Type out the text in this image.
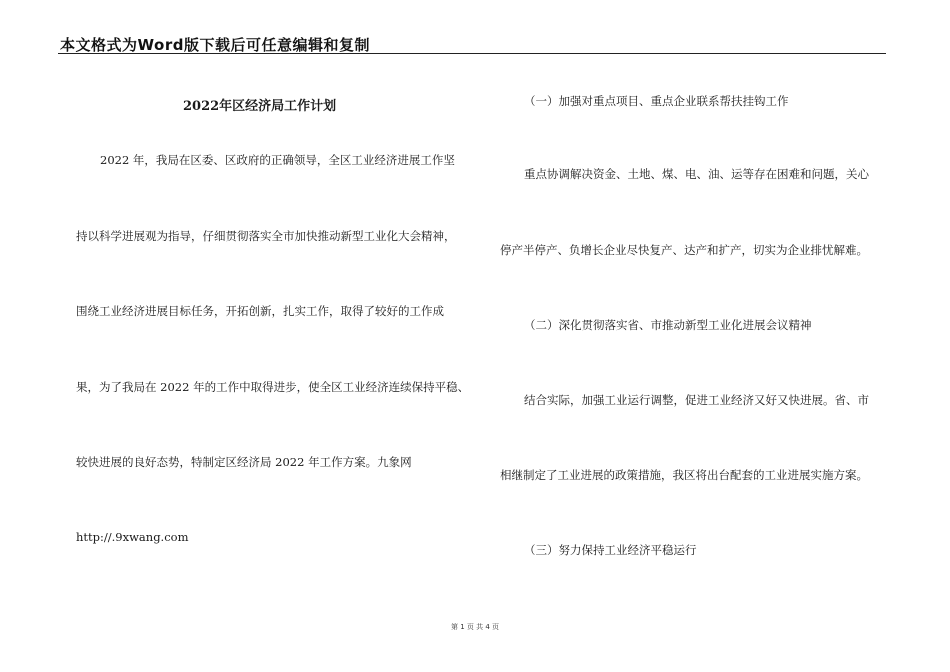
本文格式为Word版下载后可任意编辑和复制
2022年区经济局工作计划
2022 年，我局在区委、区政府的正确领导，全区工业经济进展工作坚
持以科学进展观为指导，仔细贯彻落实全市加快推动新型工业化大会精神，
围绕工业经济进展目标任务，开拓创新，扎实工作，取得了较好的工作成
果，为了我局在 2022 年的工作中取得进步，使全区工业经济连续保持平稳、
较快进展的良好态势，特制定区经济局 2022 年工作方案。九象网
http://.9xwang.com
（一）加强对重点项目、重点企业联系帮扶挂钩工作
重点协调解决资金、土地、煤、电、油、运等存在困难和问题，关心
停产半停产、负增长企业尽快复产、达产和扩产，切实为企业排忧解难。
（二）深化贯彻落实省、市推动新型工业化进展会议精神
结合实际，加强工业运行调整，促进工业经济又好又快进展。省、市
相继制定了工业进展的政策措施，我区将出台配套的工业进展实施方案。
（三）努力保持工业经济平稳运行
第 1 页 共 4 页
